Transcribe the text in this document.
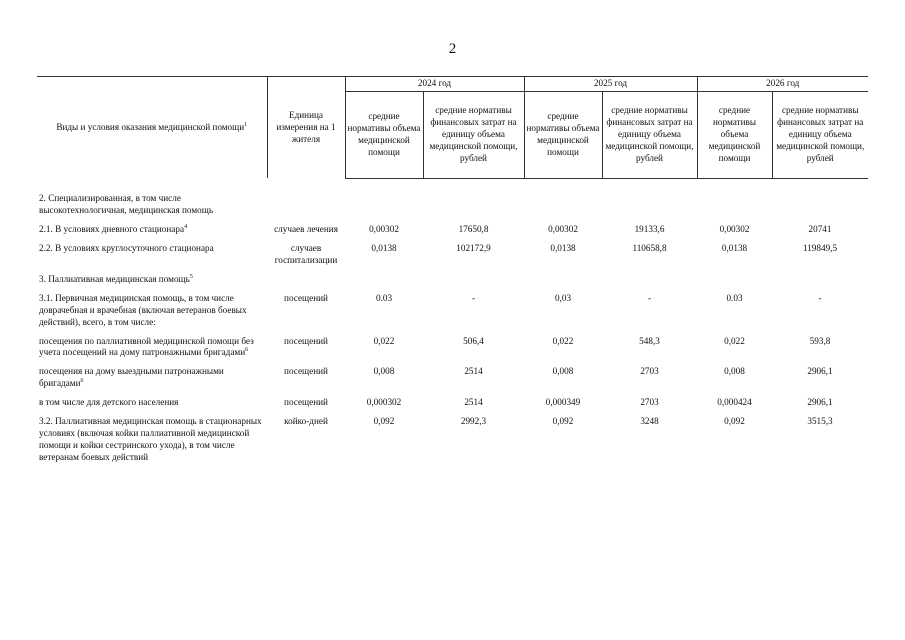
2
Виды и условия оказания медицинской помощи$^1$	Единица измерения на 1 жителя	2024 год		2025 год		2026 год	
		средние нормативы объема медицинской помощи	средние нормативы финансовых затрат на единицу объема медицинской помощи, рублей	средние нормативы объема медицинской помощи	средние нормативы финансовых затрат на единицу объема медицинской помощи, рублей	средние нормативы объема медицинской помощи	средние нормативы финансовых затрат на единицу объема медицинской помощи, рублей

2. Специализированная, в том числе высокотехнологичная, медицинская помощь							
2.1. В условиях дневного стационара$^4$	случаев лечения	0,00302	17650,8	0,00302	19133,6	0,00302	20741
2.2. В условиях круглосуточного стационара	случаев госпитализации	0,0138	102172,9	0,0138	110658,8	0,0138	119849,5
3. Паллиативная медицинская помощь$^5$							
3.1. Первичная медицинская помощь, в том числе доврачебная и врачебная (включая ветеранов боевых действий), всего, в том числе:	посещений	0.03	-	0,03	-	0.03	-
посещения по паллиативной медицинской помощи без учета посещений на дому патронажными бригадами$^6$	посещений	0,022	506,4	0,022	548,3	0,022	593,8
посещения на дому выездными патронажными бригадами$^6$	посещений	0,008	2514	0,008	2703	0,008	2906,1
в том числе для детского населения	посещений	0,000302	2514	0,000349	2703	0,000424	2906,1
3.2. Паллиативная медицинская помощь в стационарных условиях (включая койки паллиативной медицинской помощи и койки сестринского ухода), в том числе ветеранам боевых действий	койко-дней	0,092	2992,3	0,092	3248	0,092	3515,3
